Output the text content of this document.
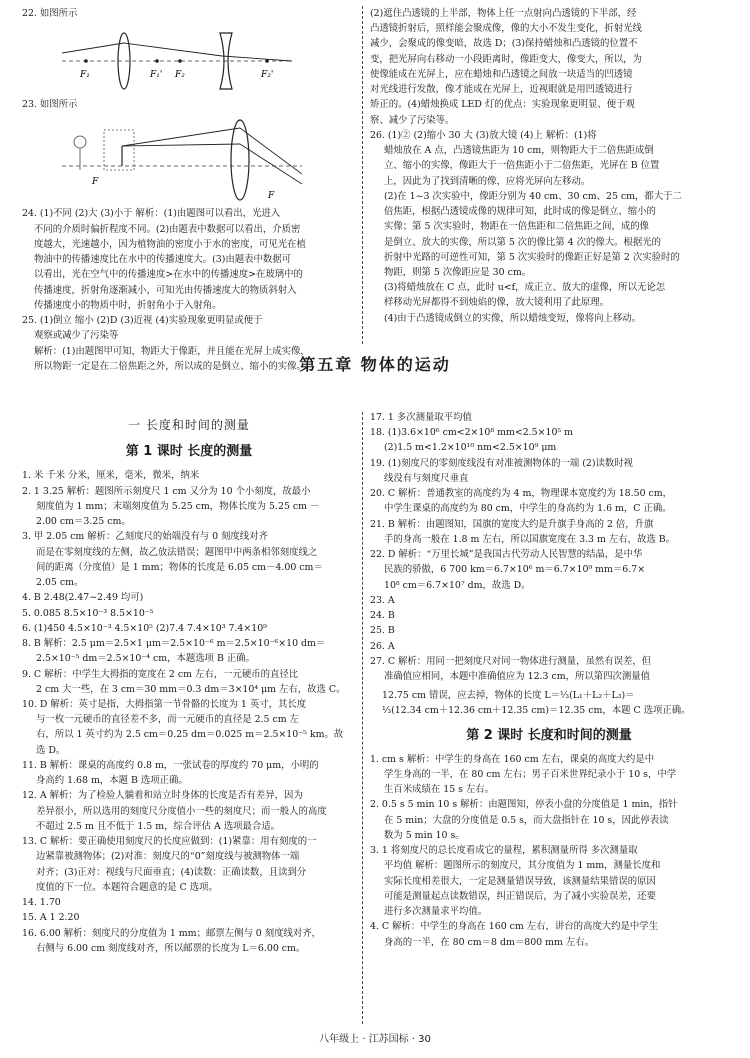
22. 如图所示
F₁	F₁' F₂	F₂'
23. 如图所示
F
F
24. (1)不同 (2)大 (3)小于 解析：(1)由题图可以看出，光进入
不同的介质时偏折程度不同。(2)由题表中数据可以看出，介质密
度越大，光速越小，因为植物油的密度小于水的密度，可见光在植
物油中的传播速度比在水中的传播速度大。(3)由题表中数据可
以看出，光在空气中的传播速度>在水中的传播速度>在玻璃中的
传播速度，折射角逐渐减小，可知光由传播速度大的物质斜射入
传播速度小的物质中时，折射角小于入射角。
25. (1)倒立 缩小 (2)D (3)近视 (4)实验现象更明显或便于
观察或减少了污染等
解析：(1)由题图甲可知，物距大于像距，并且能在光屏上成实像，
所以物距一定是在二倍焦距之外，所以成的是倒立、缩小的实像。
(2)遮住凸透镜的上半部，物体上任一点射向凸透镜的下半部，经
凸透镜折射后，照样能会聚成像，像的大小不发生变化，折射光线
减少，会聚成的像变暗，故选 D；(3)保持蜡烛和凸透镜的位置不
变，把光屏向右移动一小段距离时，像距变大，像变大，所以，为
使像能成在光屏上，应在蜡烛和凸透镜之间放一块适当的凹透镜
对光线进行发散，像才能成在光屏上，近视眼就是用凹透镜进行
矫正的。(4)蜡烛换成 LED 灯的优点：实验现象更明显、便于观
察、减少了污染等。
26. (1)② (2)缩小 30 大 (3)放大镜 (4)上 解析：(1)将
蜡烛放在 A 点，凸透镜焦距为 10 cm，则物距大于二倍焦距成倒
立、缩小的实像，像距大于一倍焦距小于二倍焦距，光屏在 B 位置
上，因此为了找到清晰的像，应将光屏向左移动。
(2)在 1~3 次实验中，像距分别为 40 cm、30 cm、25 cm，都大于二
倍焦距，根据凸透镜成像的规律可知，此时成的像是倒立、缩小的
实像；第 5 次实验时，物距在一倍焦距和二倍焦距之间，成的像
是倒立、放大的实像，所以第 5 次的像比第 4 次的像大。根据光的
折射中光路的可逆性可知，第 5 次实验时的像距正好是第 2 次实验时的
物距，则第 5 次像距应是 30 cm。
(3)将蜡烛放在 C 点，此时 u<f，成正立、放大的虚像，所以无论怎
样移动光屏都得不到烛焰的像，放大镜利用了此原理。
(4)由于凸透镜成倒立的实像，所以蜡烛变短，像将向上移动。
第五章 物体的运动
一 长度和时间的测量
第 1 课时 长度的测量
1. 米 千米 分米，厘米，毫米，微米，纳米
2. 1 3.25 解析：题图所示刻度尺 1 cm 又分为 10 个小刻度，故最小
刻度值为 1 mm；末端刻度值为 5.25 cm，物体长度为 5.25 cm －
2.00 cm＝3.25 cm。
3. 甲 2.05 cm 解析：乙刻度尺的始端没有与 0 刻度线对齐
而是在零刻度线的左侧，故乙放法错误；题图甲中两条相邻刻度线之
间的距离（分度值）是 1 mm；物体的长度是 6.05 cm－4.00 cm＝
2.05 cm。
4. B 2.48(2.47~2.49 均可)
5. 0.085 8.5×10⁻³ 8.5×10⁻⁵
6. (1)450 4.5×10⁻³ 4.5×10⁵ (2)7.4 7.4×10³ 7.4×10⁹
8. B 解析：2.5 μm＝2.5×1 μm＝2.5×10⁻⁶ m＝2.5×10⁻⁶×10 dm＝
2.5×10⁻⁵ dm＝2.5×10⁻⁴ cm，本题选项 B 正确。
9. C 解析：中学生大拇指的宽度在 2 cm 左右，一元硬币的直径比
2 cm 大一些，在 3 cm＝30 mm＝0.3 dm＝3×10⁴ μm 左右，故选 C。
10. D 解析：英寸是指，大拇指第一节骨骼的长度为 1 英寸，其长度
与一枚一元硬币的直径差不多，而一元硬币的直径是 2.5 cm 左
右，所以 1 英寸约为 2.5 cm＝0.25 dm＝0.025 m＝2.5×10⁻⁵ km。故
选 D。
11. B 解析：课桌的高度约 0.8 m，一张试卷的厚度约 70 μm，小明的
身高约 1.68 m，本题 B 选项正确。
12. A 解析：为了检验人躺着和站立时身体的长度是否有差异，因为
差异很小，所以选用的刻度尺分度值小一些的刻度尺；而一般人的高度
不超过 2.5 m 且不低于 1.5 m，综合评估 A 选项最合适。
13. C 解析：要正确使用刻度尺的长度应做到：(1)紧靠：用有刻度的一
边紧靠被测物体；(2)对准：刻度尺的“0”刻度线与被测物体一端
对齐；(3)正对：视线与尺面垂直；(4)读数：正确读数，且读到分
度值的下一位。本题符合题意的是 C 选项。
14. 1.70
15. A 1 2.20
16. 6.00 解析：刻度尺的分度值为 1 mm；邮票左侧与 0 刻度线对齐，
右侧与 6.00 cm 刻度线对齐，所以邮票的长度为 L＝6.00 cm。
17. 1 多次测量取平均值
18. (1)3.6×10⁶ cm<2×10⁸ mm<2.5×10⁵ m
(2)1.5 m<1.2×10¹⁰ nm<2.5×10⁹ μm
19. (1)刻度尺的零刻度线没有对准被测物体的一端 (2)读数时视
线没有与刻度尺垂直
20. C 解析：普通教室的高度约为 4 m，物理课本宽度约为 18.50 cm，
中学生课桌的高度约为 80 cm，中学生的身高约为 1.6 m，C 正确。
21. B 解析：由题图知，国旗的宽度大约是升旗手身高的 2 倍，升旗
手的身高一般在 1.8 m 左右，所以国旗宽度在 3.3 m 左右，故选 B。
22. D 解析：“万里长城”是我国古代劳动人民智慧的结晶，是中华
民族的骄傲，6 700 km＝6.7×10⁶ m＝6.7×10⁹ mm＝6.7×
10⁸ cm＝6.7×10⁷ dm，故选 D。
23. A
24. B
25. B
26. A
27. C 解析：用同一把刻度尺对同一物体进行测量，虽然有误差，但
准确值应相同，本题中准确值应为 12.3 cm，所以第四次测量值
12.75 cm 错误，应去掉，物体的长度 L＝⅓(L₁＋L₂＋L₃)＝
⅓(12.34 cm＋12.36 cm＋12.35 cm)＝12.35 cm，本题 C 选项正确。
第 2 课时 长度和时间的测量
1. cm s 解析：中学生的身高在 160 cm 左右，课桌的高度大约是中
学生身高的一半，在 80 cm 左右；男子百米世界纪录小于 10 s，中学
生百米成绩在 15 s 左右。
2. 0.5 s 5 min 10 s 解析：由题图知，停表小盘的分度值是 1 min，指针
在 5 min；大盘的分度值是 0.5 s，而大盘指针在 10 s，因此停表读
数为 5 min 10 s。
3. 1 将刻度尺的总长度看成它的量程，累积测量所得 多次测量取
平均值 解析：题图所示的刻度尺，其分度值为 1 mm，测量长度和
实际长度相差很大，一定是测量错误导致，该测量结果错误的原因
可能是测量起点读数错误，纠正错误后，为了减小实验误差，还要
进行多次测量求平均值。
4. C 解析：中学生的身高在 160 cm 左右，讲台的高度大约是中学生
身高的一半，在 80 cm＝8 dm＝800 mm 左右。
八年级上 · 江苏国标 · 30
